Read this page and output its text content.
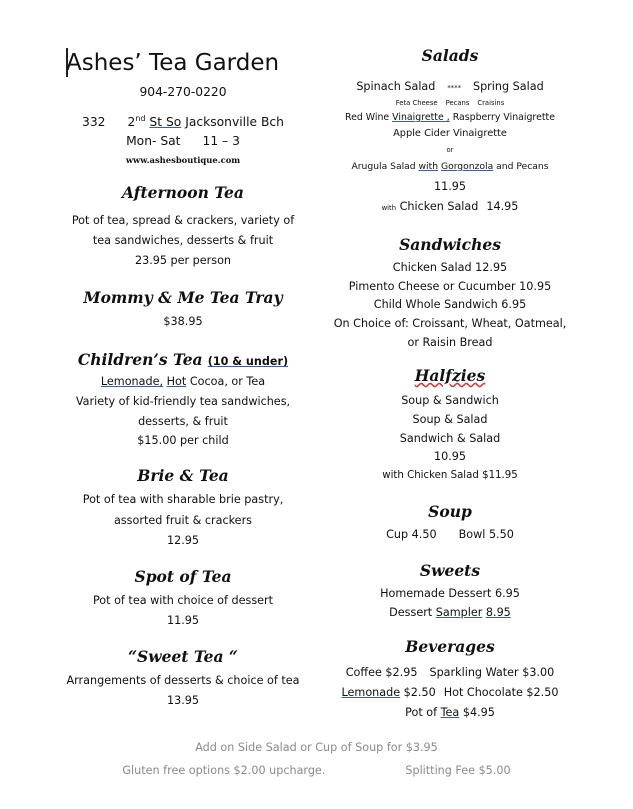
Ashes’ Tea Garden
904-270-0220
332 2nd St So Jacksonville Bch
Mon- Sat 11 – 3
www.ashesboutique.com
Afternoon Tea
Pot of tea, spread & crackers, variety of
tea sandwiches, desserts & fruit
23.95 per person
Mommy & Me Tea Tray
$38.95
Children’s Tea (10 & under)
Lemonade, Hot Cocoa, or Tea
Variety of kid-friendly tea sandwiches,
desserts, & fruit
$15.00 per child
Brie & Tea
Pot of tea with sharable brie pastry,
assorted fruit & crackers
12.95
Spot of Tea
Pot of tea with choice of dessert
11.95
“Sweet Tea “
Arrangements of desserts & choice of tea
13.95
Salads
Spinach Salad **** Spring Salad
Feta Cheese Pecans Craisins
Red Wine Vinaigrette , Raspberry Vinaigrette
Apple Cider Vinaigrette
or
Arugula Salad with Gorgonzola and Pecans
11.95
with Chicken Salad 14.95
Sandwiches
Chicken Salad 12.95
Pimento Cheese or Cucumber 10.95
Child Whole Sandwich 6.95
On Choice of: Croissant, Wheat, Oatmeal,
or Raisin Bread
Halfzies
Soup & Sandwich
Soup & Salad
Sandwich & Salad
10.95
with Chicken Salad $11.95
Soup
Cup 4.50 Bowl 5.50
Sweets
Homemade Dessert 6.95
Dessert Sampler 8.95
Beverages
Coffee $2.95 Sparkling Water $3.00
Lemonade $2.50 Hot Chocolate $2.50
Pot of Tea $4.95
Add on Side Salad or Cup of Soup for $3.95
Gluten free options $2.00 upcharge.	Splitting Fee $5.00
